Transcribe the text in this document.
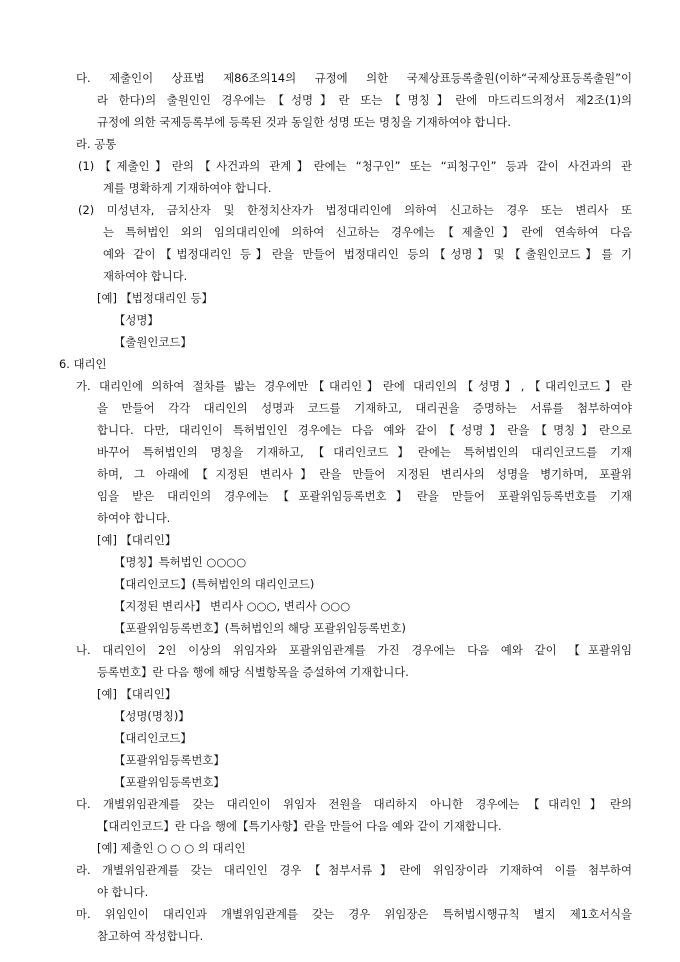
다. 제출인이 상표법 제86조의14의 규정에 의한 국제상표등록출원(이하“국제상표등록출원”이
라 한다)의 출원인인 경우에는【성명】란 또는【명칭】란에 마드리드의정서 제2조(1)의
규정에 의한 국제등록부에 등록된 것과 동일한 성명 또는 명칭을 기재하여야 합니다.
라. 공통
(1)【제출인】란의【사건과의 관계】란에는 “청구인” 또는 “피청구인” 등과 같이 사건과의 관
계를 명확하게 기재하여야 합니다.
(2) 미성년자, 금치산자 및 한정치산자가 법정대리인에 의하여 신고하는 경우 또는 변리사 또
는 특허법인 외의 임의대리인에 의하여 신고하는 경우에는【제출인】란에 연속하여 다음
예와 같이【법정대리인 등】란을 만들어 법정대리인 등의【성명】및【출원인코드】를 기
재하여야 합니다.
[예] 【법정대리인 등】
【성명】
【출원인코드】
6. 대리인
가. 대리인에 의하여 절차를 밟는 경우에만【대리인】란에 대리인의【성명】,【대리인코드】란
을 만들어 각각 대리인의 성명과 코드를 기재하고, 대리권을 증명하는 서류를 첨부하여야
합니다. 다만, 대리인이 특허법인인 경우에는 다음 예와 같이【성명】란을【명칭】란으로
바꾸어 특허법인의 명칭을 기재하고,【대리인코드】란에는 특허법인의 대리인코드를 기재
하며, 그 아래에【지정된 변리사】란을 만들어 지정된 변리사의 성명을 병기하며, 포괄위
임을 받은 대리인의 경우에는【포괄위임등록번호】란을 만들어 포괄위임등록번호를 기재
하여야 합니다.
[예] 【대리인】
【명칭】특허법인 ○○○○
【대리인코드】(특허법인의 대리인코드)
【지정된 변리사】 변리사 ○○○, 변리사 ○○○
【포괄위임등록번호】(특허법인의 해당 포괄위임등록번호)
나. 대리인이 2인 이상의 위임자와 포괄위임관계를 가진 경우에는 다음 예와 같이 【포괄위임
등록번호】란 다음 행에 해당 식별항목을 증설하여 기재합니다.
[예] 【대리인】
【성명(명칭)】
【대리인코드】
【포괄위임등록번호】
【포괄위임등록번호】
다. 개별위임관계를 갖는 대리인이 위임자 전원을 대리하지 아니한 경우에는【대리인】란의
【대리인코드】란 다음 행에【특기사항】란을 만들어 다음 예와 같이 기재합니다.
[예] 제출인 ○ ○ ○ 의 대리인
라. 개별위임관계를 갖는 대리인인 경우【첨부서류】란에 위임장이라 기재하여 이를 첨부하여
야 합니다.
마. 위임인이 대리인과 개별위임관계를 갖는 경우 위임장은 특허법시행규칙 별지 제1호서식을
참고하여 작성합니다.
